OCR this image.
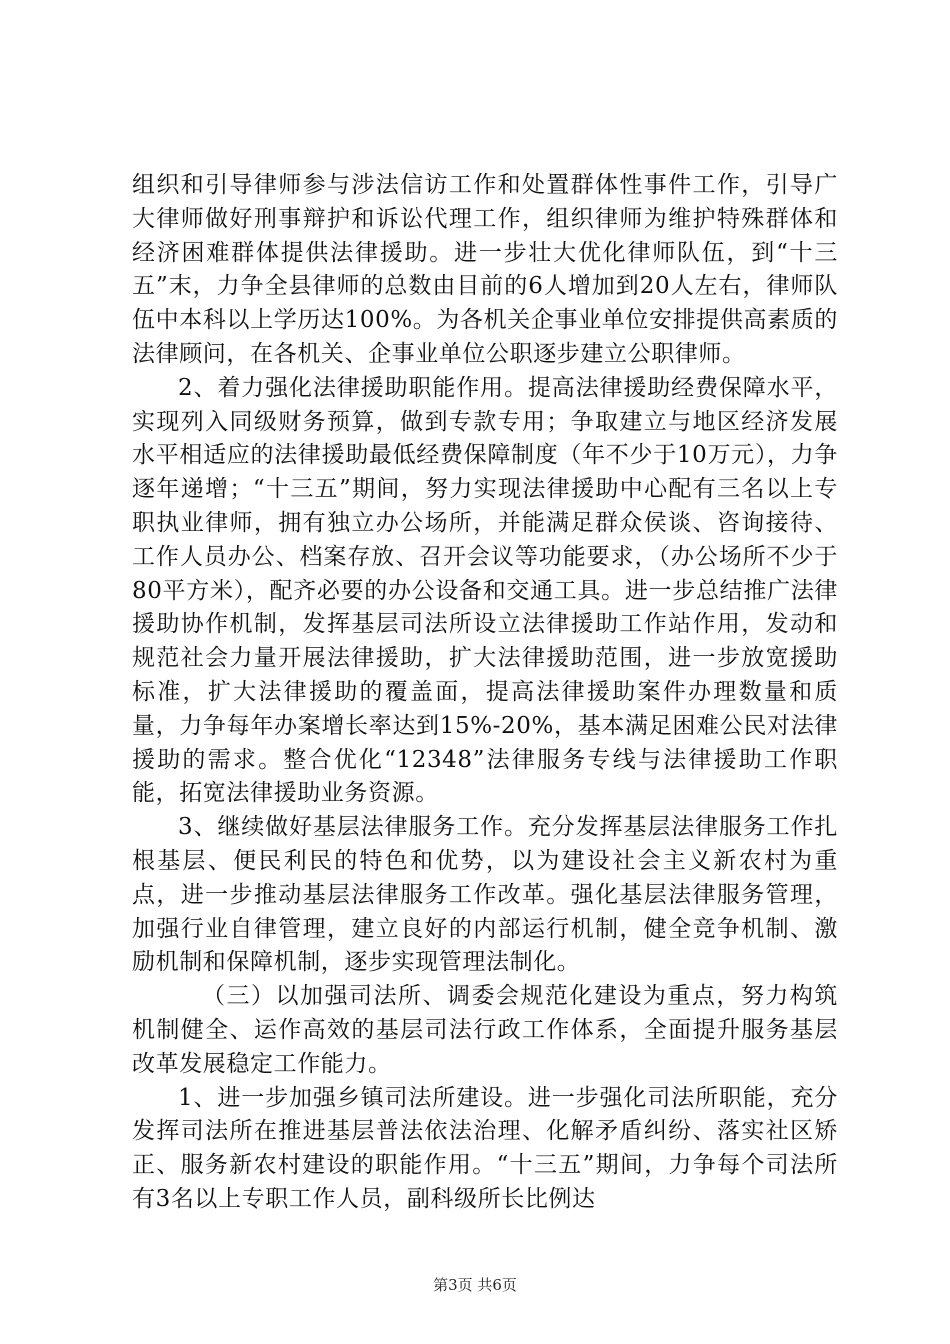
组织和引导律师参与涉法信访工作和处置群体性事件工作，引导广大律师做好刑事辩护和诉讼代理工作，组织律师为维护特殊群体和经济困难群体提供法律援助。进一步壮大优化律师队伍，到“十三五”末，力争全县律师的总数由目前的6人增加到20人左右，律师队伍中本科以上学历达100%。为各机关企事业单位安排提供高素质的法律顾问，在各机关、企事业单位公职逐步建立公职律师。

2、着力强化法律援助职能作用。提高法律援助经费保障水平，实现列入同级财务预算，做到专款专用；争取建立与地区经济发展水平相适应的法律援助最低经费保障制度（年不少于10万元），力争逐年递增；“十三五”期间，努力实现法律援助中心配有三名以上专职执业律师，拥有独立办公场所，并能满足群众侯谈、咨询接待、工作人员办公、档案存放、召开会议等功能要求，（办公场所不少于80平方米），配齐必要的办公设备和交通工具。进一步总结推广法律援助协作机制，发挥基层司法所设立法律援助工作站作用，发动和规范社会力量开展法律援助，扩大法律援助范围，进一步放宽援助标准，扩大法律援助的覆盖面，提高法律援助案件办理数量和质量，力争每年办案增长率达到15%-20%，基本满足困难公民对法律援助的需求。整合优化“12348”法律服务专线与法律援助工作职能，拓宽法律援助业务资源。

3、继续做好基层法律服务工作。充分发挥基层法律服务工作扎根基层、便民利民的特色和优势，以为建设社会主义新农村为重点，进一步推动基层法律服务工作改革。强化基层法律服务管理，加强行业自律管理，建立良好的内部运行机制，健全竞争机制、激励机制和保障机制，逐步实现管理法制化。

（三）以加强司法所、调委会规范化建设为重点，努力构筑机制健全、运作高效的基层司法行政工作体系，全面提升服务基层改革发展稳定工作能力。

1、进一步加强乡镇司法所建设。进一步强化司法所职能，充分发挥司法所在推进基层普法依法治理、化解矛盾纠纷、落实社区矫正、服务新农村建设的职能作用。“十三五”期间，力争每个司法所有3名以上专职工作人员，副科级所长比例达

第3页 共6页
